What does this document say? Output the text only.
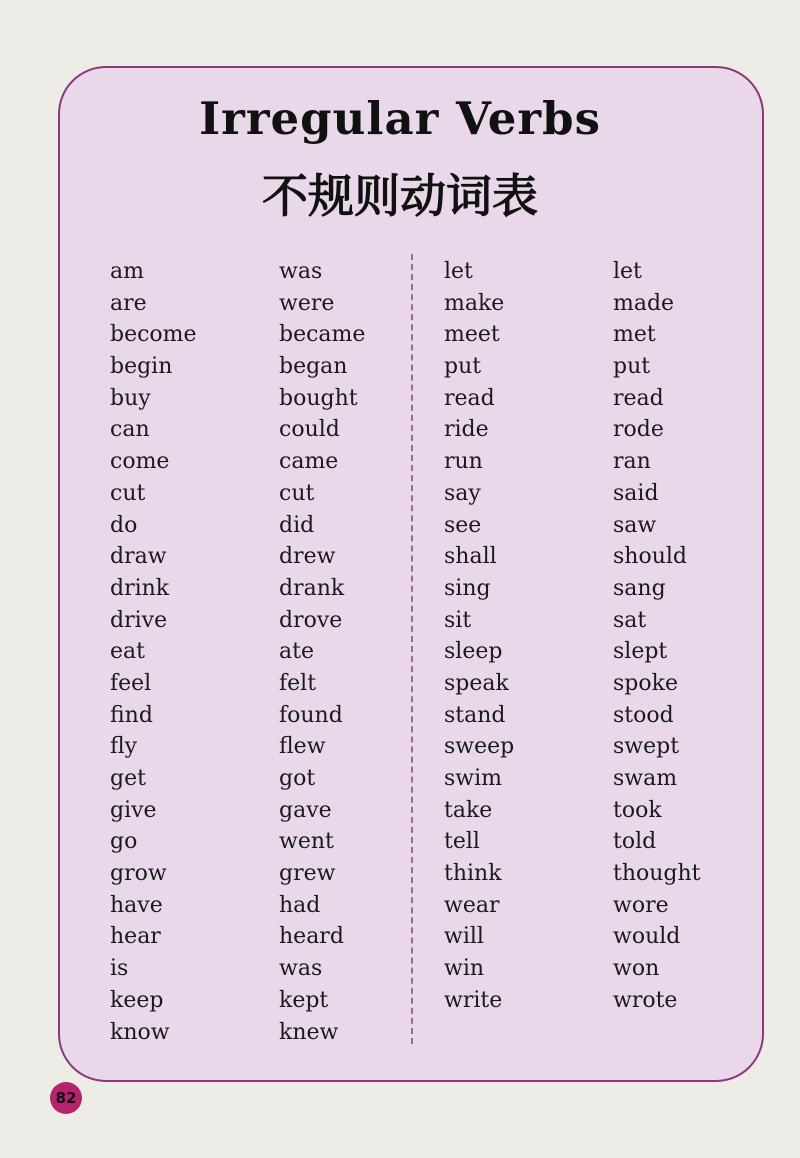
Irregular Verbs
不规则动词表
am
are
become
begin
buy
can
come
cut
do
draw
drink
drive
eat
feel
find
fly
get
give
go
grow
have
hear
is
keep
know
was
were
became
began
bought
could
came
cut
did
drew
drank
drove
ate
felt
found
flew
got
gave
went
grew
had
heard
was
kept
knew
let
make
meet
put
read
ride
run
say
see
shall
sing
sit
sleep
speak
stand
sweep
swim
take
tell
think
wear
will
win
write
let
made
met
put
read
rode
ran
said
saw
should
sang
sat
slept
spoke
stood
swept
swam
took
told
thought
wore
would
won
wrote
82
